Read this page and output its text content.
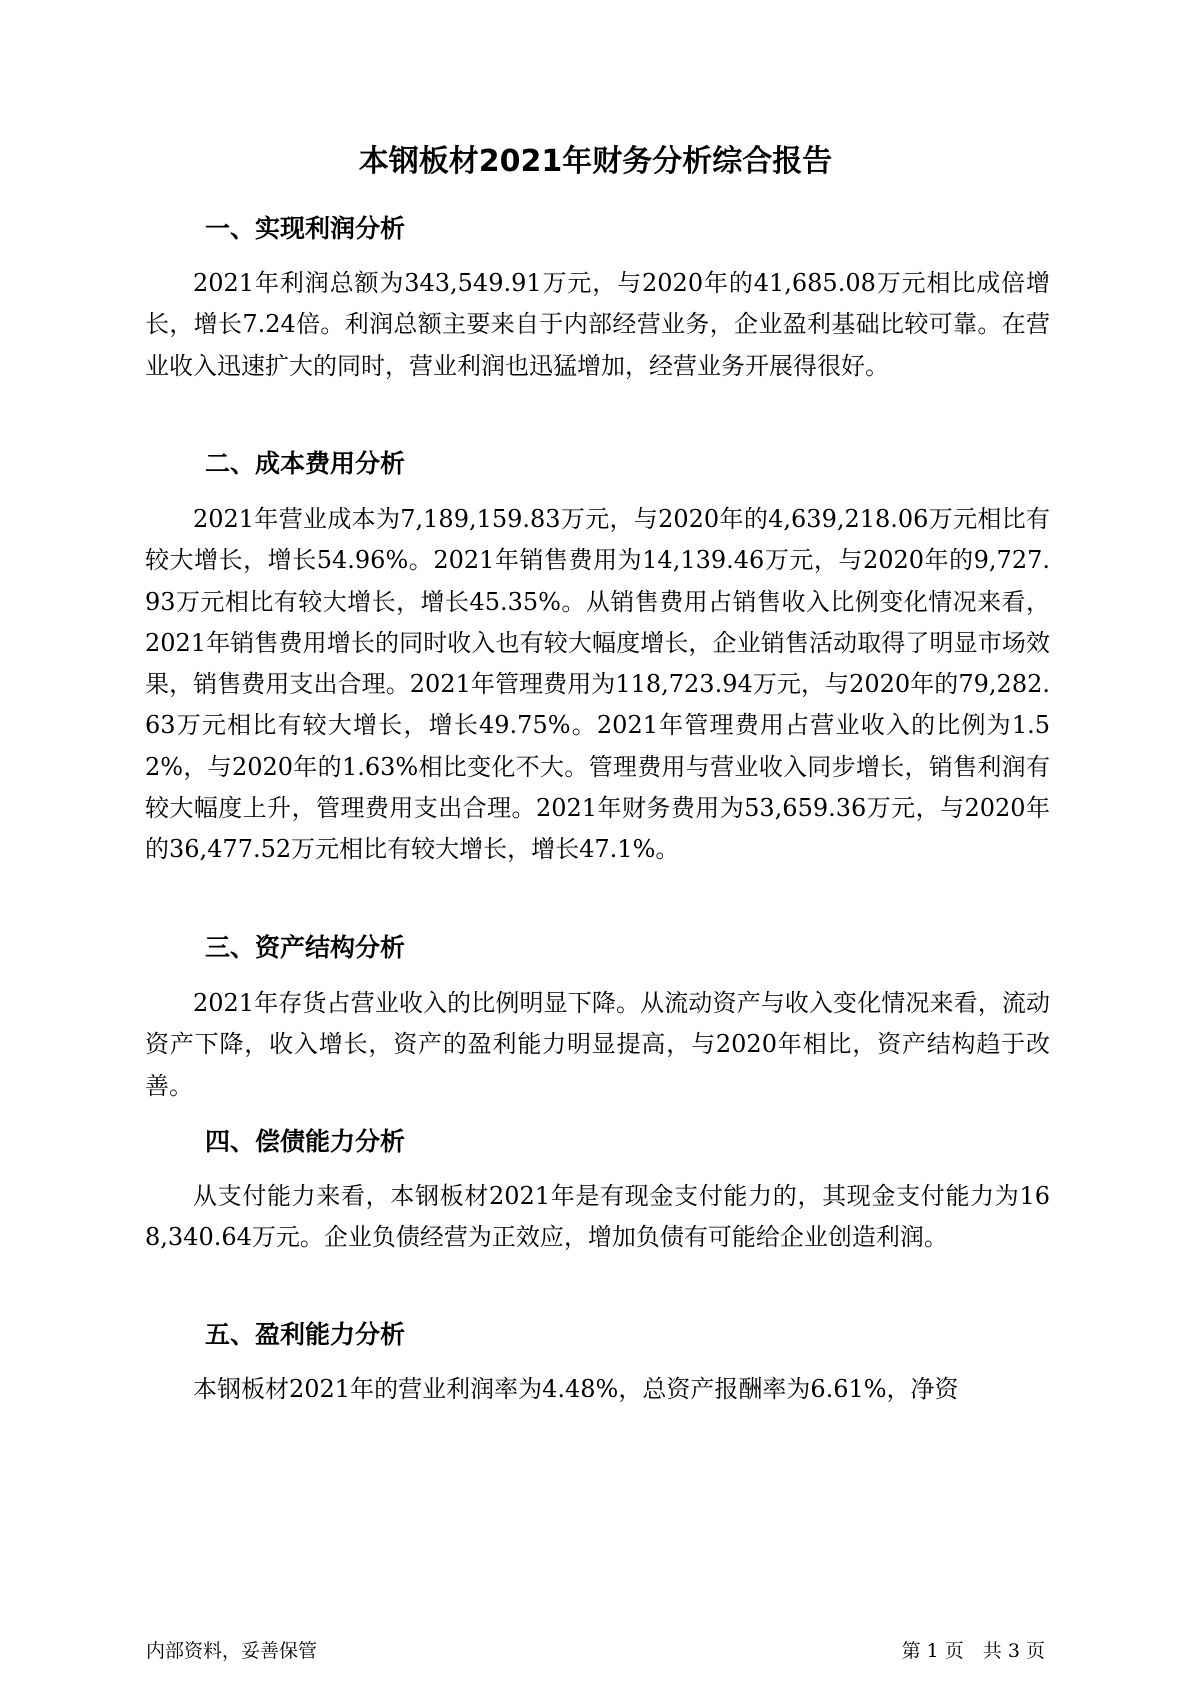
本钢板材2021年财务分析综合报告
一、实现利润分析

2021年利润总额为343,549.91万元，与2020年的41,685.08万元相比成倍增长，增长7.24倍。利润总额主要来自于内部经营业务，企业盈利基础比较可靠。在营业收入迅速扩大的同时，营业利润也迅猛增加，经营业务开展得很好。

二、成本费用分析

2021年营业成本为7,189,159.83万元，与2020年的4,639,218.06万元相比有较大增长，增长54.96%。2021年销售费用为14,139.46万元，与2020年的9,727.93万元相比有较大增长，增长45.35%。从销售费用占销售收入比例变化情况来看，2021年销售费用增长的同时收入也有较大幅度增长，企业销售活动取得了明显市场效果，销售费用支出合理。2021年管理费用为118,723.94万元，与2020年的79,282.63万元相比有较大增长，增长49.75%。2021年管理费用占营业收入的比例为1.52%，与2020年的1.63%相比变化不大。管理费用与营业收入同步增长，销售利润有较大幅度上升，管理费用支出合理。2021年财务费用为53,659.36万元，与2020年的36,477.52万元相比有较大增长，增长47.1%。

三、资产结构分析

2021年存货占营业收入的比例明显下降。从流动资产与收入变化情况来看，流动资产下降，收入增长，资产的盈利能力明显提高，与2020年相比，资产结构趋于改善。

四、偿债能力分析

从支付能力来看，本钢板材2021年是有现金支付能力的，其现金支付能力为168,340.64万元。企业负债经营为正效应，增加负债有可能给企业创造利润。

五、盈利能力分析

本钢板材2021年的营业利润率为4.48%，总资产报酬率为6.61%，净资

内部资料，妥善保管	第 1 页　共 3 页
